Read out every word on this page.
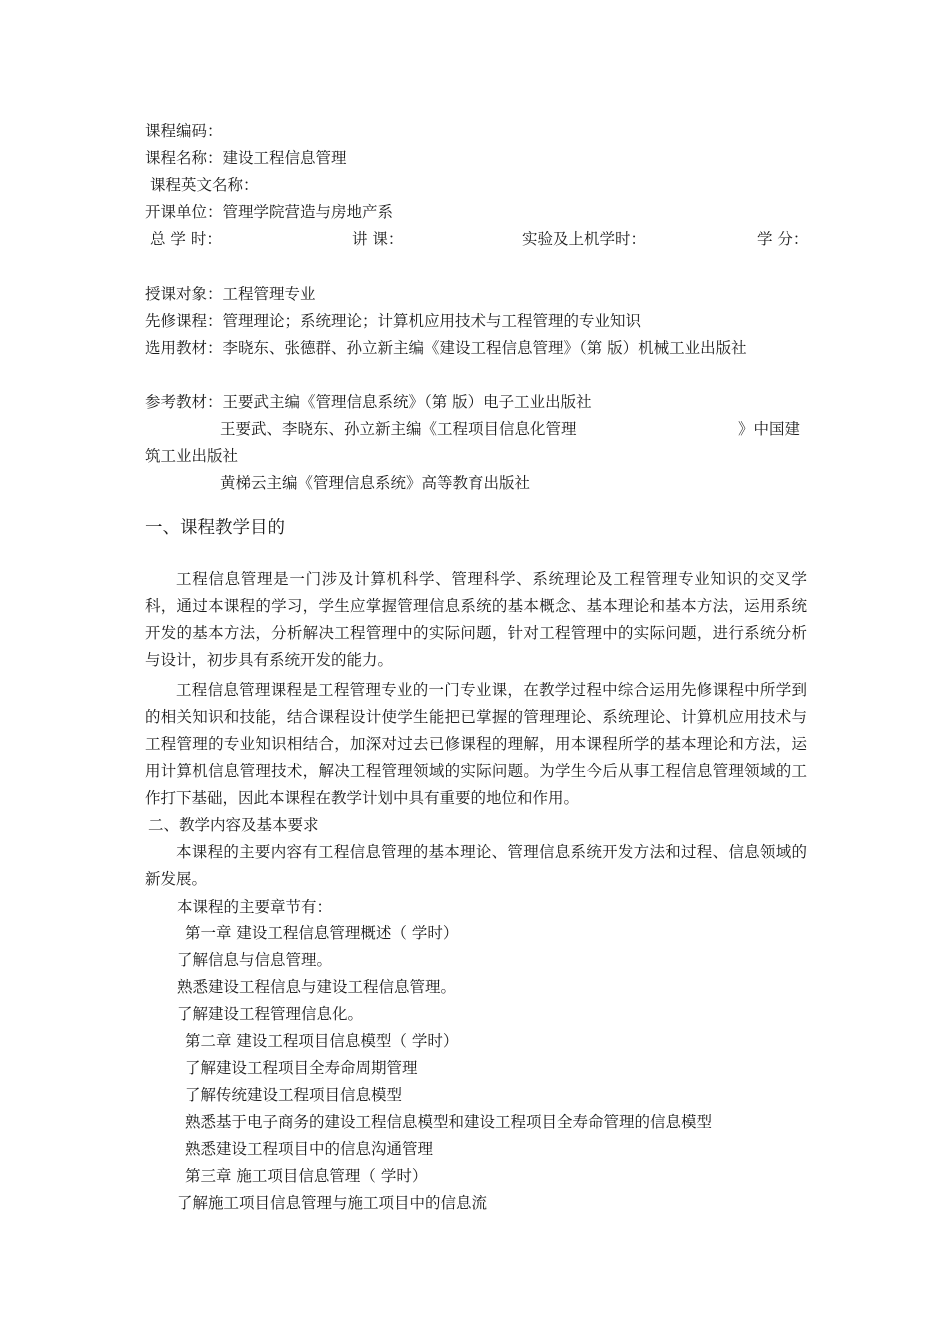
课程编码：
课程名称：建设工程信息管理
课程英文名称：
开课单位：管理学院营造与房地产系
总 学 时：	讲 课：	实验及上机学时：	学 分：
授课对象：工程管理专业
先修课程：管理理论；系统理论；计算机应用技术与工程管理的专业知识
选用教材：李晓东、张德群、孙立新主编《建设工程信息管理》（第 版）机械工业出版社
参考教材：王要武主编《管理信息系统》（第 版）电子工业出版社
王要武、李晓东、孙立新主编《工程项目信息化管理	》中国建
筑工业出版社
黄梯云主编《管理信息系统》高等教育出版社
一、课程教学目的
工程信息管理是一门涉及计算机科学、管理科学、系统理论及工程管理专业知识的交叉学科，通过本课程的学习，学生应掌握管理信息系统的基本概念、基本理论和基本方法，运用系统开发的基本方法，分析解决工程管理中的实际问题，针对工程管理中的实际问题，进行系统分析与设计，初步具有系统开发的能力。
工程信息管理课程是工程管理专业的一门专业课，在教学过程中综合运用先修课程中所学到的相关知识和技能，结合课程设计使学生能把已掌握的管理理论、系统理论、计算机应用技术与工程管理的专业知识相结合，加深对过去已修课程的理解，用本课程所学的基本理论和方法，运用计算机信息管理技术，解决工程管理领域的实际问题。为学生今后从事工程信息管理领域的工作打下基础，因此本课程在教学计划中具有重要的地位和作用。
二、教学内容及基本要求
本课程的主要内容有工程信息管理的基本理论、管理信息系统开发方法和过程、信息领域的新发展。
本课程的主要章节有：
第一章 建设工程信息管理概述（ 学时）
了解信息与信息管理。
熟悉建设工程信息与建设工程信息管理。
了解建设工程管理信息化。
第二章 建设工程项目信息模型（ 学时）
了解建设工程项目全寿命周期管理
了解传统建设工程项目信息模型
熟悉基于电子商务的建设工程信息模型和建设工程项目全寿命管理的信息模型
熟悉建设工程项目中的信息沟通管理
第三章 施工项目信息管理（ 学时）
了解施工项目信息管理与施工项目中的信息流
